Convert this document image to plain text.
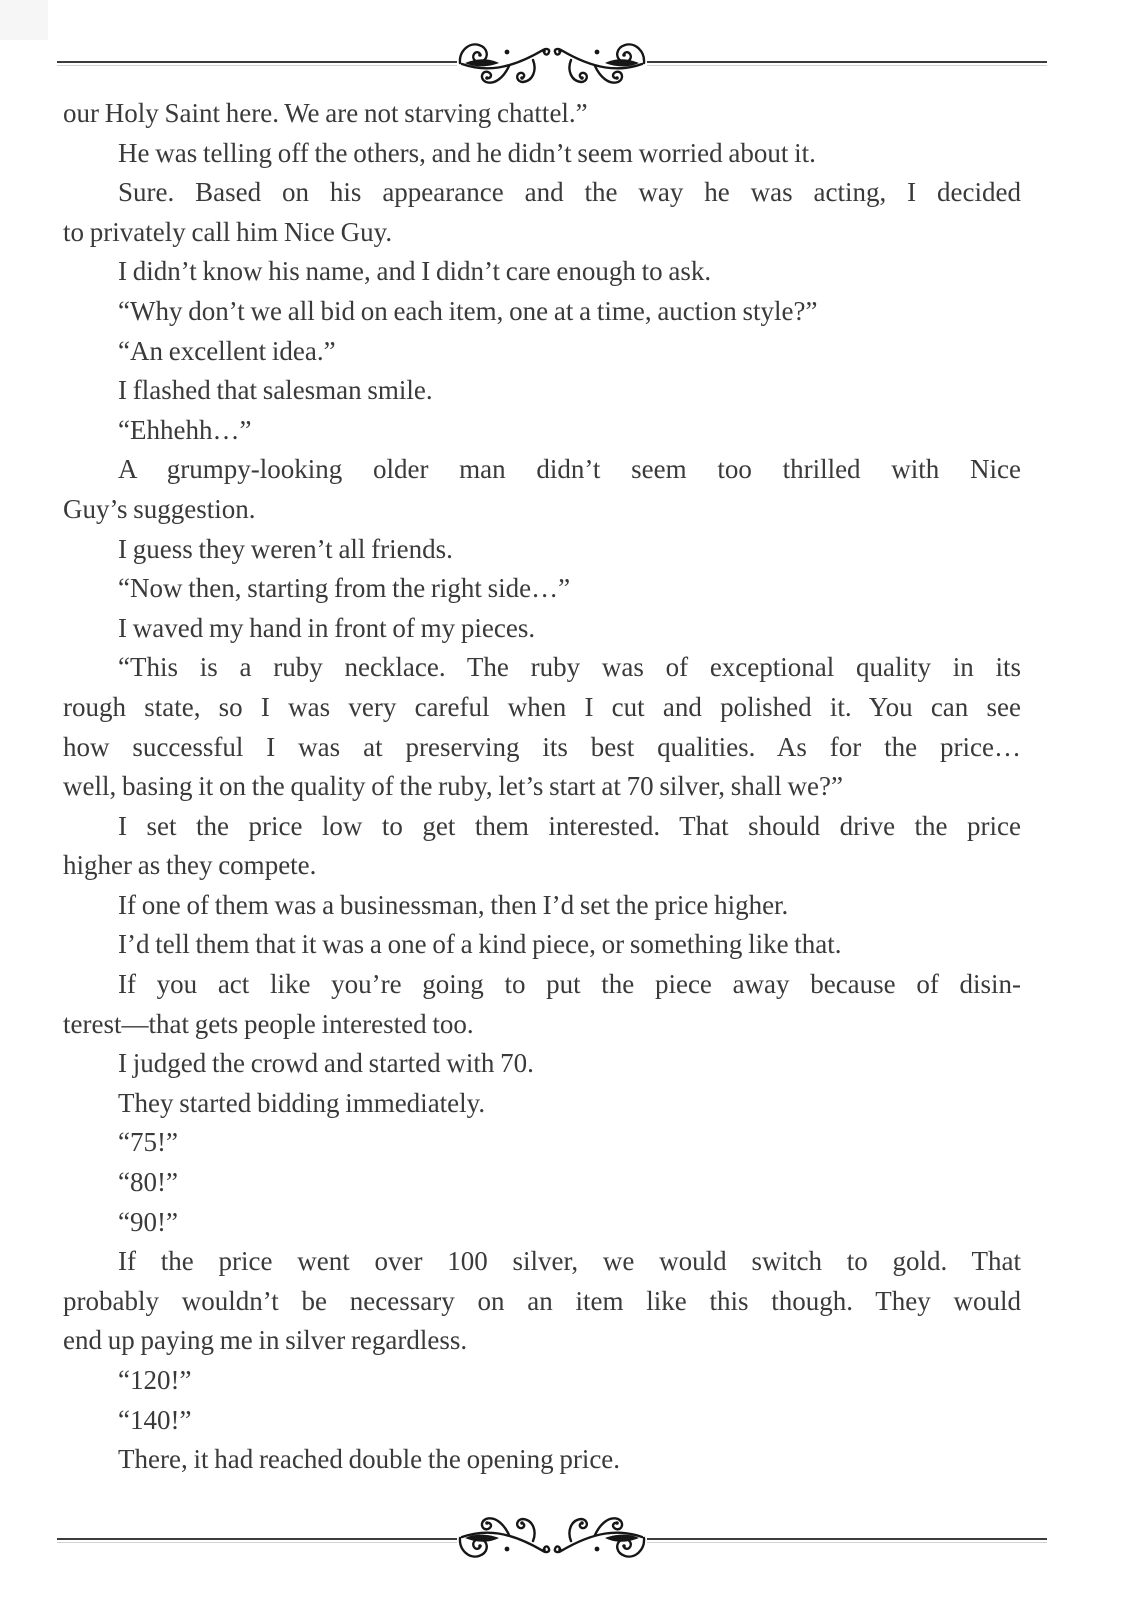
our Holy Saint here. We are not starving chattel.”
He was telling off the others, and he didn’t seem worried about it.
Sure. Based on his appearance and the way he was acting, I decided
to privately call him Nice Guy.
I didn’t know his name, and I didn’t care enough to ask.
“Why don’t we all bid on each item, one at a time, auction style?”
“An excellent idea.”
I flashed that salesman smile.
“Ehhehh…”
A grumpy-looking older man didn’t seem too thrilled with Nice
Guy’s suggestion.
I guess they weren’t all friends.
“Now then, starting from the right side…”
I waved my hand in front of my pieces.
“This is a ruby necklace. The ruby was of exceptional quality in its
rough state, so I was very careful when I cut and polished it. You can see
how successful I was at preserving its best qualities. As for the price…
well, basing it on the quality of the ruby, let’s start at 70 silver, shall we?”
I set the price low to get them interested. That should drive the price
higher as they compete.
If one of them was a businessman, then I’d set the price higher.
I’d tell them that it was a one of a kind piece, or something like that.
If you act like you’re going to put the piece away because of disin-
terest—that gets people interested too.
I judged the crowd and started with 70.
They started bidding immediately.
“75!”
“80!”
“90!”
If the price went over 100 silver, we would switch to gold. That
probably wouldn’t be necessary on an item like this though. They would
end up paying me in silver regardless.
“120!”
“140!”
There, it had reached double the opening price.
